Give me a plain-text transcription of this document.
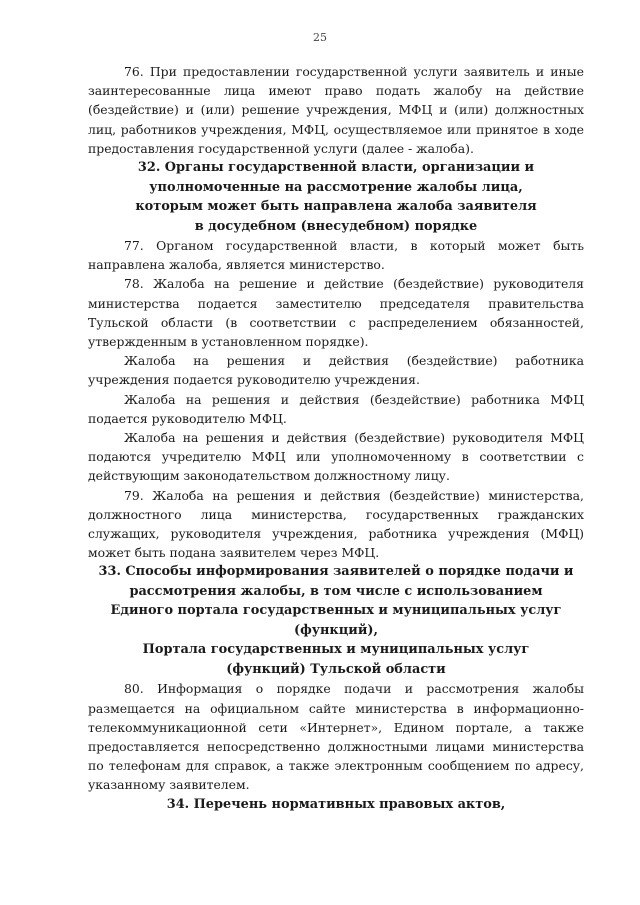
25

76. При предоставлении государственной услуги заявитель и иные заинтересованные лица имеют право подать жалобу на действие (бездействие) и (или) решение учреждения, МФЦ и (или) должностных лиц, работников учреждения, МФЦ, осуществляемое или принятое в ходе предоставления государственной услуги (далее - жалоба).

32. Органы государственной власти, организации и
уполномоченные на рассмотрение жалобы лица,
которым может быть направлена жалоба заявителя
в досудебном (внесудебном) порядке

77. Органом государственной власти, в который может быть направлена жалоба, является министерство.

78. Жалоба на решение и действие (бездействие) руководителя министерства подается заместителю председателя правительства Тульской области (в соответствии с распределением обязанностей, утвержденным в установленном порядке).

Жалоба на решения и действия (бездействие) работника учреждения подается руководителю учреждения.

Жалоба на решения и действия (бездействие) работника МФЦ подается руководителю МФЦ.

Жалоба на решения и действия (бездействие) руководителя МФЦ подаются учредителю МФЦ или уполномоченному в соответствии с действующим законодательством должностному лицу.

79. Жалоба на решения и действия (бездействие) министерства, должностного лица министерства, государственных гражданских служащих, руководителя учреждения, работника учреждения (МФЦ) может быть подана заявителем через МФЦ.

33. Способы информирования заявителей о порядке подачи и
рассмотрения жалобы, в том числе с использованием
Единого портала государственных и муниципальных услуг (функций),
Портала государственных и муниципальных услуг
(функций) Тульской области

80. Информация о порядке подачи и рассмотрения жалобы размещается на официальном сайте министерства в информационно-телекоммуникационной сети «Интернет», Едином портале, а также предоставляется непосредственно должностными лицами министерства по телефонам для справок, а также электронным сообщением по адресу, указанному заявителем.

34. Перечень нормативных правовых актов,
